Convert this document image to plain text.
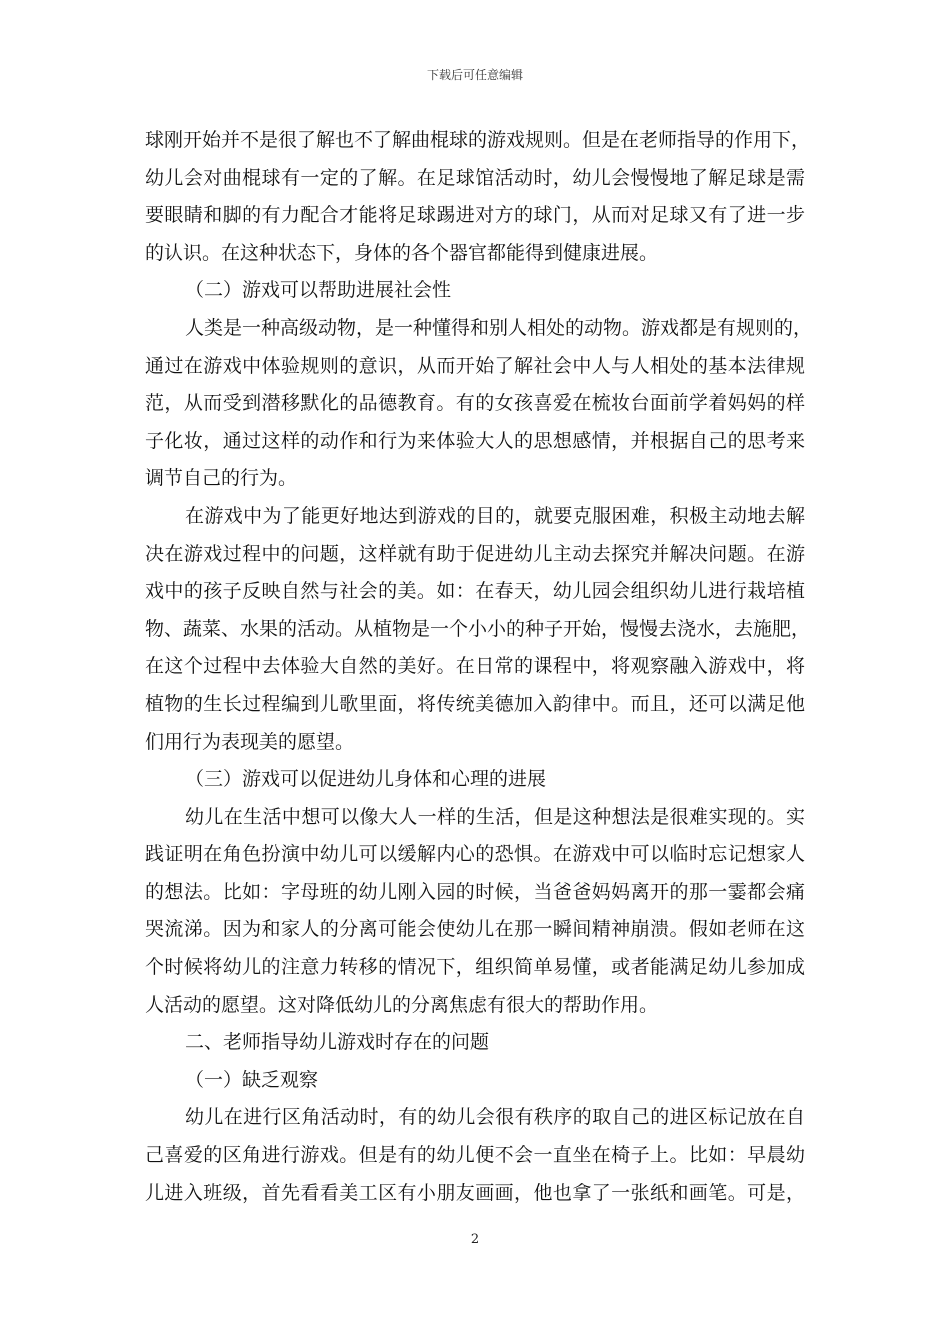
下载后可任意编辑
球刚开始并不是很了解也不了解曲棍球的游戏规则。但是在老师指导的作用下，
幼儿会对曲棍球有一定的了解。在足球馆活动时，幼儿会慢慢地了解足球是需
要眼睛和脚的有力配合才能将足球踢进对方的球门，从而对足球又有了进一步
的认识。在这种状态下，身体的各个器官都能得到健康进展。
（二）游戏可以帮助进展社会性
人类是一种高级动物，是一种懂得和别人相处的动物。游戏都是有规则的，
通过在游戏中体验规则的意识，从而开始了解社会中人与人相处的基本法律规
范，从而受到潜移默化的品德教育。有的女孩喜爱在梳妆台面前学着妈妈的样
子化妆，通过这样的动作和行为来体验大人的思想感情，并根据自己的思考来
调节自己的行为。
在游戏中为了能更好地达到游戏的目的，就要克服困难，积极主动地去解
决在游戏过程中的问题，这样就有助于促进幼儿主动去探究并解决问题。在游
戏中的孩子反映自然与社会的美。如：在春天，幼儿园会组织幼儿进行栽培植
物、蔬菜、水果的活动。从植物是一个小小的种子开始，慢慢去浇水，去施肥，
在这个过程中去体验大自然的美好。在日常的课程中，将观察融入游戏中，将
植物的生长过程编到儿歌里面，将传统美德加入韵律中。而且，还可以满足他
们用行为表现美的愿望。
（三）游戏可以促进幼儿身体和心理的进展
幼儿在生活中想可以像大人一样的生活，但是这种想法是很难实现的。实
践证明在角色扮演中幼儿可以缓解内心的恐惧。在游戏中可以临时忘记想家人
的想法。比如：字母班的幼儿刚入园的时候，当爸爸妈妈离开的那一霎都会痛
哭流涕。因为和家人的分离可能会使幼儿在那一瞬间精神崩溃。假如老师在这
个时候将幼儿的注意力转移的情况下，组织简单易懂，或者能满足幼儿参加成
人活动的愿望。这对降低幼儿的分离焦虑有很大的帮助作用。
二、老师指导幼儿游戏时存在的问题
（一）缺乏观察
幼儿在进行区角活动时，有的幼儿会很有秩序的取自己的进区标记放在自
己喜爱的区角进行游戏。但是有的幼儿便不会一直坐在椅子上。比如：早晨幼
儿进入班级，首先看看美工区有小朋友画画，他也拿了一张纸和画笔。可是，
2
